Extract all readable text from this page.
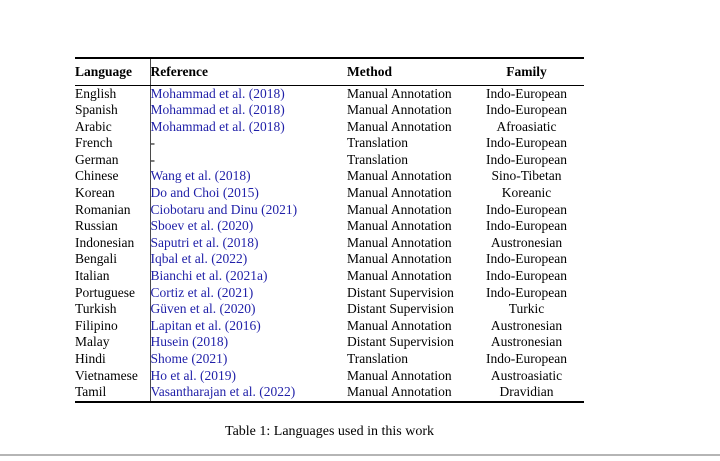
Language	Reference	Method	Family
English	Mohammad et al. (2018)	Manual Annotation	Indo-European
Spanish	Mohammad et al. (2018)	Manual Annotation	Indo-European
Arabic	Mohammad et al. (2018)	Manual Annotation	Afroasiatic
French	-	Translation	Indo-European
German	-	Translation	Indo-European
Chinese	Wang et al. (2018)	Manual Annotation	Sino-Tibetan
Korean	Do and Choi (2015)	Manual Annotation	Koreanic
Romanian	Ciobotaru and Dinu (2021)	Manual Annotation	Indo-European
Russian	Sboev et al. (2020)	Manual Annotation	Indo-European
Indonesian	Saputri et al. (2018)	Manual Annotation	Austronesian
Bengali	Iqbal et al. (2022)	Manual Annotation	Indo-European
Italian	Bianchi et al. (2021a)	Manual Annotation	Indo-European
Portuguese	Cortiz et al. (2021)	Distant Supervision	Indo-European
Turkish	Güven et al. (2020)	Distant Supervision	Turkic
Filipino	Lapitan et al. (2016)	Manual Annotation	Austronesian
Malay	Husein (2018)	Distant Supervision	Austronesian
Hindi	Shome (2021)	Translation	Indo-European
Vietnamese	Ho et al. (2019)	Manual Annotation	Austroasiatic
Tamil	Vasantharajan et al. (2022)	Manual Annotation	Dravidian
Table 1: Languages used in this work
